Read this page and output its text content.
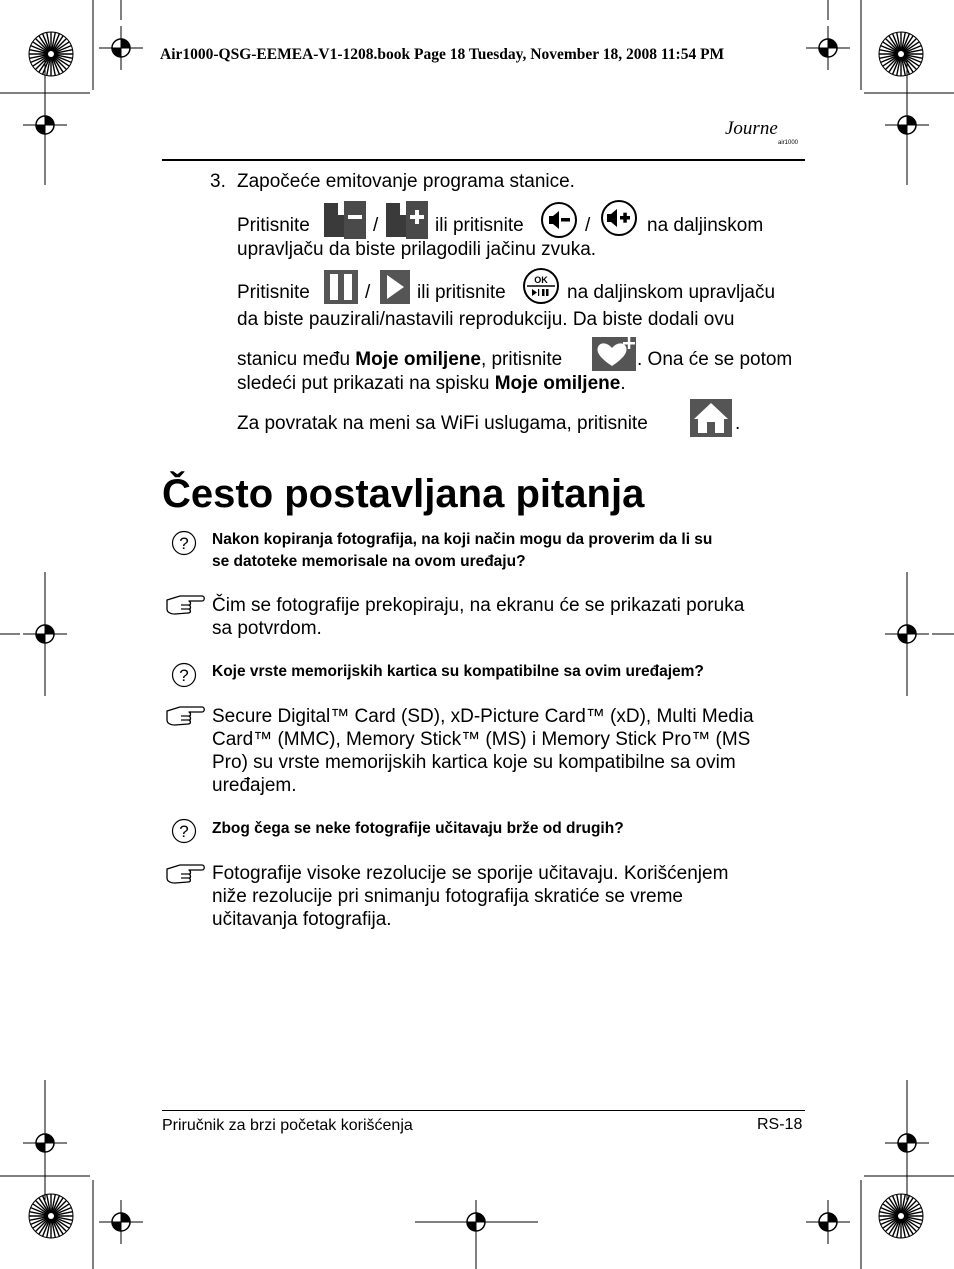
Air1000-QSG-EEMEA-V1-1208.book Page 18 Tuesday, November 18, 2008 11:54 PM
Journe
air1000
3. Započeće emitovanje programa stanice.
Pritisnite	/	ili pritisnite	/	na daljinskom
upravljaču da biste prilagodili jačinu zvuka.
Pritisnite	/ ili pritisnite
OK
na daljinskom upravljaču
da biste pauzirali/nastavili reprodukciju. Da biste dodali ovu
stanicu među Moje omiljene, pritisnite	. Ona će se potom
sledeći put prikazati na spisku Moje omiljene.
Za povratak na meni sa WiFi uslugama, pritisnite	.
Često postavljana pitanja
? Nakon kopiranja fotografija, na koji način mogu da proverim da li su
se datoteke memorisale na ovom uređaju?
Čim se fotografije prekopiraju, na ekranu će se prikazati poruka
sa potvrdom.
? Koje vrste memorijskih kartica su kompatibilne sa ovim uređajem?
Secure Digital™ Card (SD), xD-Picture Card™ (xD), Multi Media
Card™ (MMC), Memory Stick™ (MS) i Memory Stick Pro™ (MS
Pro) su vrste memorijskih kartica koje su kompatibilne sa ovim
uređajem.
? Zbog čega se neke fotografije učitavaju brže od drugih?
Fotografije visoke rezolucije se sporije učitavaju. Korišćenjem
niže rezolucije pri snimanju fotografija skratiće se vreme
učitavanja fotografija.
Priručnik za brzi početak korišćenja	RS-18
